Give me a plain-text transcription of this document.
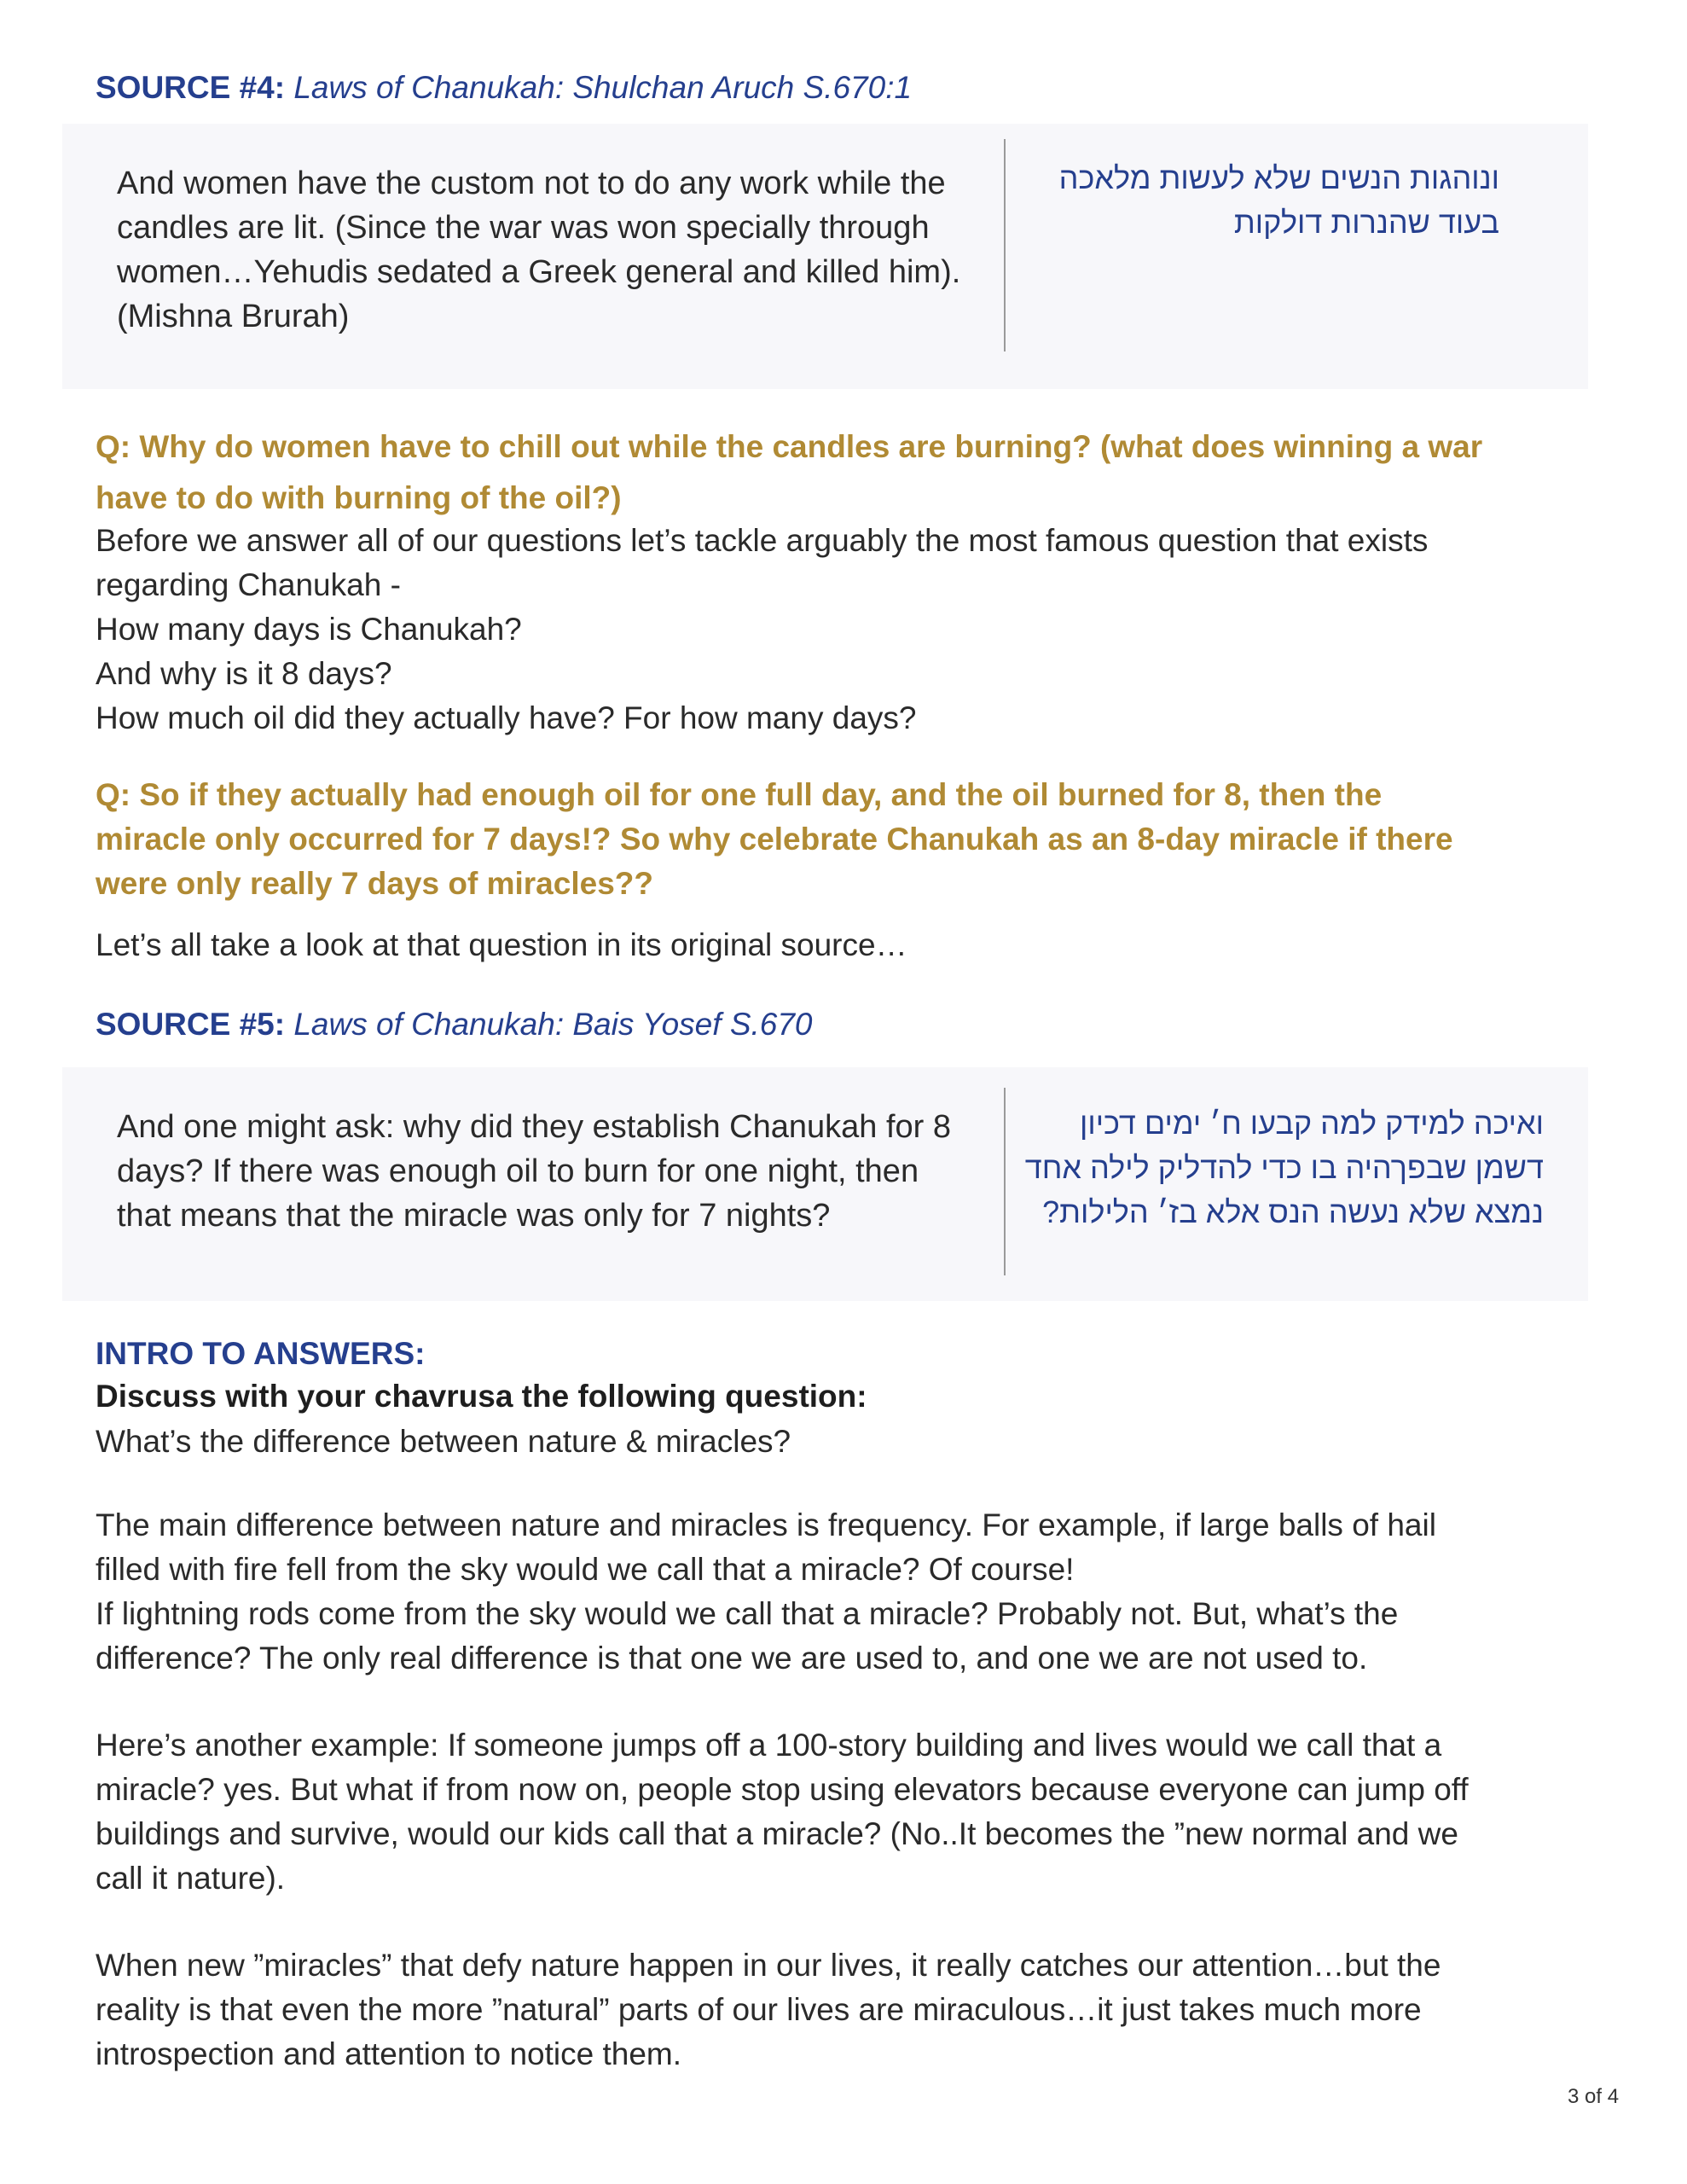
SOURCE #4: Laws of Chanukah: Shulchan Aruch S.670:1
And women have the custom not to do any work while the
candles are lit. (Since the war was won specially through
women…Yehudis sedated a Greek general and killed him).
(Mishna Brurah)
ונוהגות הנשים שלא לעשות מלאכה
בעוד שהנרות דולקות
Q: Why do women have to chill out while the candles are burning? (what does winning a war
have to do with burning of the oil?)
Before we answer all of our questions let’s tackle arguably the most famous question that exists
regarding Chanukah -
How many days is Chanukah?
And why is it 8 days?
How much oil did they actually have? For how many days?
Q: So if they actually had enough oil for one full day, and the oil burned for 8, then the
miracle only occurred for 7 days!? So why celebrate Chanukah as an 8-day miracle if there
were only really 7 days of miracles??
Let’s all take a look at that question in its original source…
SOURCE #5: Laws of Chanukah: Bais Yosef S.670
And one might ask: why did they establish Chanukah for 8
days? If there was enough oil to burn for one night, then
that means that the miracle was only for 7 nights?
ואיכה למידק למה קבעו ח׳ ימים דכיון
דשמן שבפךהיה בו כדי להדליק לילה אחד
נמצא שלא נעשה הנס אלא בז׳ הלילות?
INTRO TO ANSWERS:
Discuss with your chavrusa the following question:
What’s the difference between nature & miracles?
The main difference between nature and miracles is frequency. For example, if large balls of hail
filled with fire fell from the sky would we call that a miracle? Of course!
If lightning rods come from the sky would we call that a miracle? Probably not. But, what’s the
difference? The only real difference is that one we are used to, and one we are not used to.
Here’s another example: If someone jumps off a 100-story building and lives would we call that a
miracle? yes. But what if from now on, people stop using elevators because everyone can jump off
buildings and survive, would our kids call that a miracle? (No..It becomes the ”new normal and we
call it nature).
When new ”miracles” that defy nature happen in our lives, it really catches our attention…but the
reality is that even the more ”natural” parts of our lives are miraculous…it just takes much more
introspection and attention to notice them.
3 of 4
